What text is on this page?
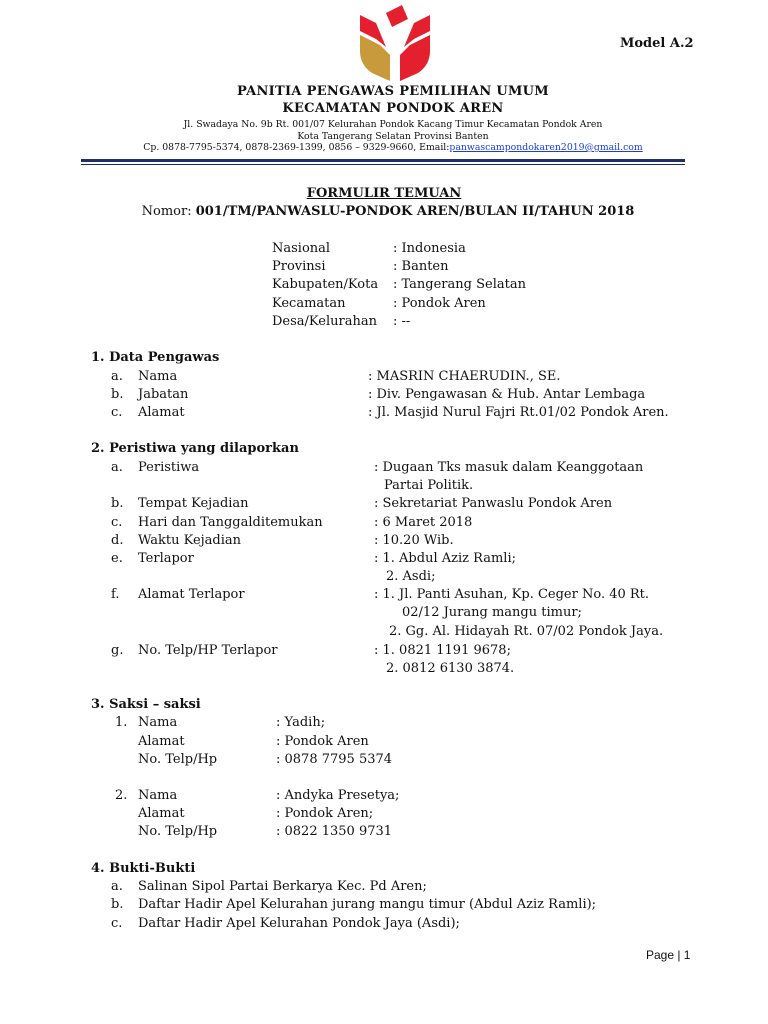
Model A.2
PANITIA PENGAWAS PEMILIHAN UMUM
KECAMATAN PONDOK AREN
Jl. Swadaya No. 9b Rt. 001/07 Kelurahan Pondok Kacang Timur Kecamatan Pondok Aren
Kota Tangerang Selatan Provinsi Banten
Cp. 0878-7795-5374, 0878-2369-1399, 0856 – 9329-9660, Email:panwascampondokaren2019@gmail.com
FORMULIR TEMUAN
Nomor: 001/TM/PANWASLU-PONDOK AREN/BULAN II/TAHUN 2018
Nasional	: Indonesia
Provinsi	: Banten
Kabupaten/Kota : Tangerang Selatan
Kecamatan	: Pondok Aren
Desa/Kelurahan : --
1. Data Pengawas
a. Nama	: MASRIN CHAERUDIN., SE.
b. Jabatan	: Div. Pengawasan & Hub. Antar Lembaga
c. Alamat	: Jl. Masjid Nurul Fajri Rt.01/02 Pondok Aren.
2. Peristiwa yang dilaporkan
a. Peristiwa	: Dugaan Tks masuk dalam Keanggotaan
Partai Politik.
b. Tempat Kejadian	: Sekretariat Panwaslu Pondok Aren
c. Hari dan Tanggalditemukan	: 6 Maret 2018
d. Waktu Kejadian	: 10.20 Wib.
e. Terlapor	: 1. Abdul Aziz Ramli;
2. Asdi;
f. Alamat Terlapor	: 1. Jl. Panti Asuhan, Kp. Ceger No. 40 Rt.
02/12 Jurang mangu timur;
2. Gg. Al. Hidayah Rt. 07/02 Pondok Jaya.
g. No. Telp/HP Terlapor	: 1. 0821 1191 9678;
2. 0812 6130 3874.
3. Saksi – saksi
1. Nama	: Yadih;
Alamat	: Pondok Aren
No. Telp/Hp	: 0878 7795 5374
2. Nama	: Andyka Presetya;
Alamat	: Pondok Aren;
No. Telp/Hp	: 0822 1350 9731
4. Bukti-Bukti
a. Salinan Sipol Partai Berkarya Kec. Pd Aren;
b. Daftar Hadir Apel Kelurahan jurang mangu timur (Abdul Aziz Ramli);
c. Daftar Hadir Apel Kelurahan Pondok Jaya (Asdi);
Page | 1
